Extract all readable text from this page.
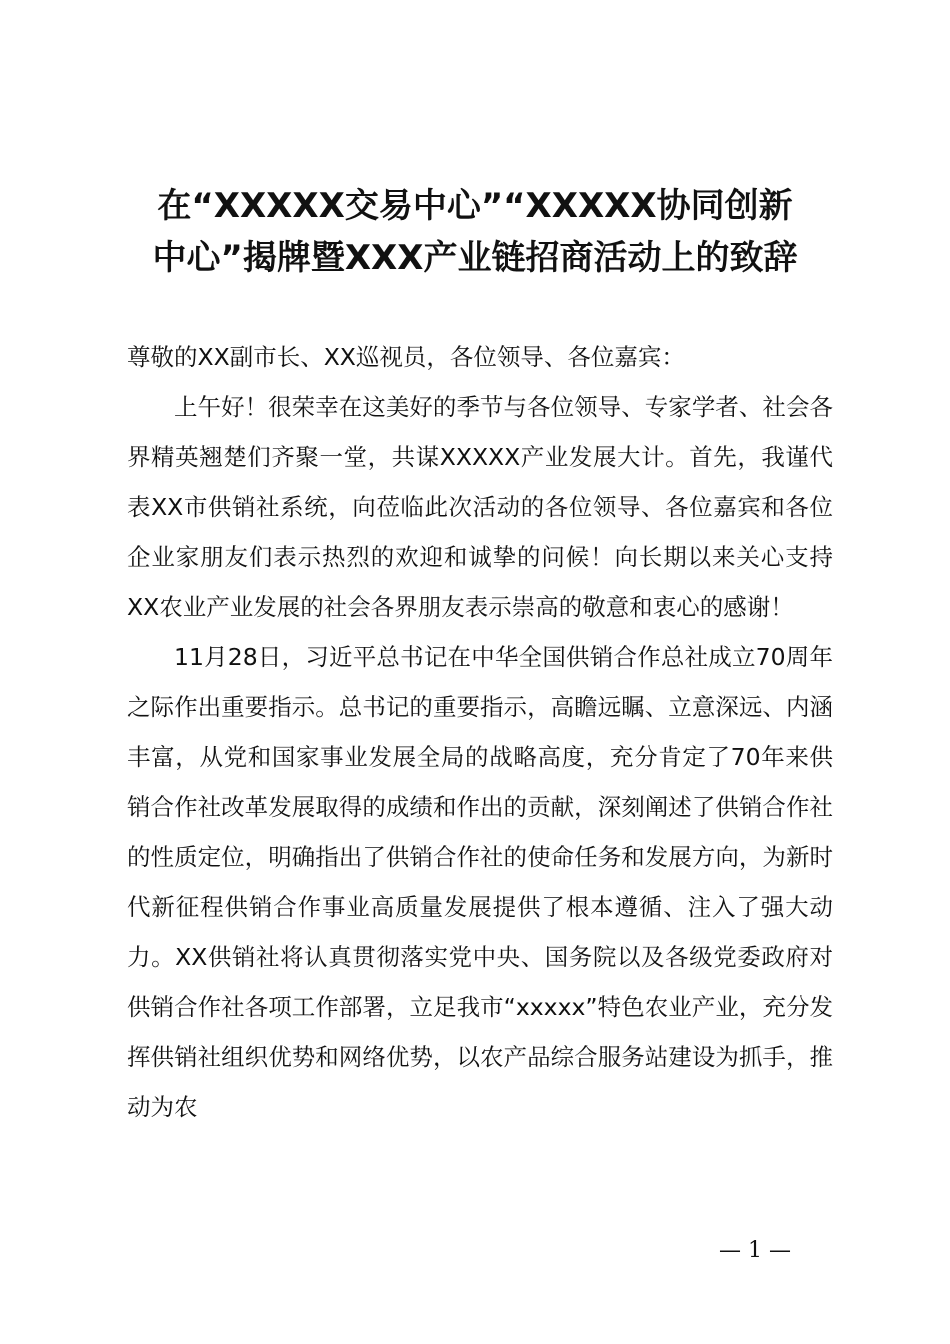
在“XXXXX交易中心”“XXXXX协同创新
中心”揭牌暨XXX产业链招商活动上的致辞

尊敬的XX副市长、XX巡视员，各位领导、各位嘉宾：

上午好！很荣幸在这美好的季节与各位领导、专家学者、社会各界精英翘楚们齐聚一堂，共谋XXXXX产业发展大计。首先，我谨代表XX市供销社系统，向莅临此次活动的各位领导、各位嘉宾和各位企业家朋友们表示热烈的欢迎和诚挚的问候！向长期以来关心支持XX农业产业发展的社会各界朋友表示崇高的敬意和衷心的感谢！

11月28日，习近平总书记在中华全国供销合作总社成立70周年之际作出重要指示。总书记的重要指示，高瞻远瞩、立意深远、内涵丰富，从党和国家事业发展全局的战略高度，充分肯定了70年来供销合作社改革发展取得的成绩和作出的贡献，深刻阐述了供销合作社的性质定位，明确指出了供销合作社的使命任务和发展方向，为新时代新征程供销合作事业高质量发展提供了根本遵循、注入了强大动力。XX供销社将认真贯彻落实党中央、国务院以及各级党委政府对供销合作社各项工作部署，立足我市“xxxxx”特色农业产业，充分发挥供销社组织优势和网络优势，以农产品综合服务站建设为抓手，推动为农

— 1 —
